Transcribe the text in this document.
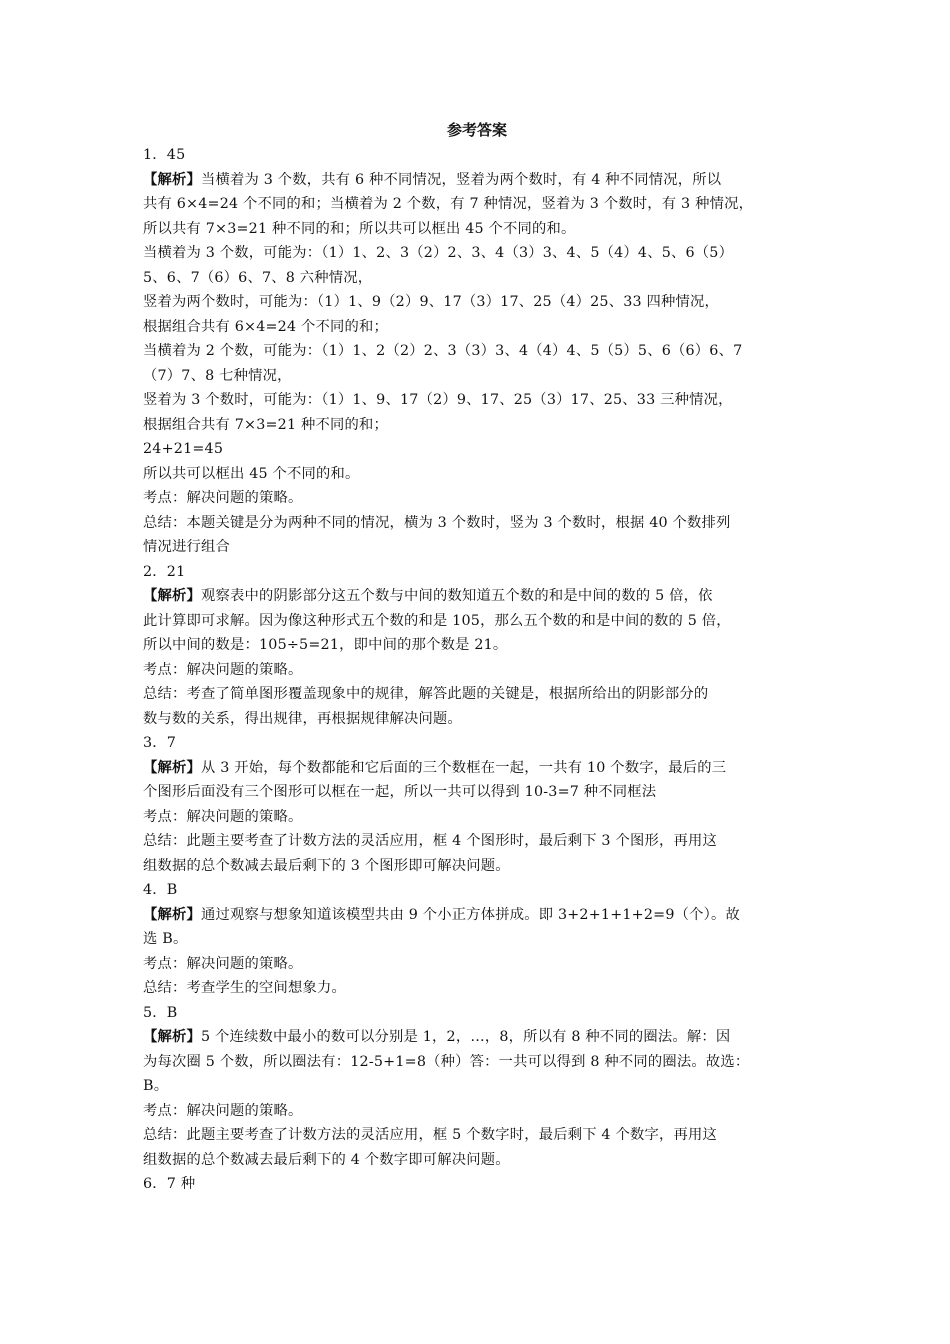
参考答案
1．45
【解析】当横着为 3 个数，共有 6 种不同情况，竖着为两个数时，有 4 种不同情况，所以
共有 6×4=24 个不同的和；当横着为 2 个数，有 7 种情况，竖着为 3 个数时，有 3 种情况，
所以共有 7×3=21 种不同的和；所以共可以框出 45 个不同的和。
当横着为 3 个数，可能为：（1）1、2、3（2）2、3、4（3）3、4、5（4）4、5、6（5）
5、6、7（6）6、7、8 六种情况，
竖着为两个数时，可能为：（1）1、9（2）9、17（3）17、25（4）25、33 四种情况，
根据组合共有 6×4=24 个不同的和；
当横着为 2 个数，可能为：（1）1、2（2）2、3（3）3、4（4）4、5（5）5、6（6）6、7
（7）7、8 七种情况，
竖着为 3 个数时，可能为：（1）1、9、17（2）9、17、25（3）17、25、33 三种情况，
根据组合共有 7×3=21 种不同的和；
24+21=45
所以共可以框出 45 个不同的和。
考点：解决问题的策略。
总结：本题关键是分为两种不同的情况，横为 3 个数时，竖为 3 个数时，根据 40 个数排列
情况进行组合
2．21
【解析】观察表中的阴影部分这五个数与中间的数知道五个数的和是中间的数的 5 倍，依
此计算即可求解。因为像这种形式五个数的和是 105，那么五个数的和是中间的数的 5 倍，
所以中间的数是：105÷5=21，即中间的那个数是 21。
考点：解决问题的策略。
总结：考查了简单图形覆盖现象中的规律，解答此题的关键是，根据所给出的阴影部分的
数与数的关系，得出规律，再根据规律解决问题。
3．7
【解析】从 3 开始，每个数都能和它后面的三个数框在一起，一共有 10 个数字，最后的三
个图形后面没有三个图形可以框在一起，所以一共可以得到 10-3=7 种不同框法
考点：解决问题的策略。
总结：此题主要考查了计数方法的灵活应用，框 4 个图形时，最后剩下 3 个图形，再用这
组数据的总个数减去最后剩下的 3 个图形即可解决问题。
4．B
【解析】通过观察与想象知道该模型共由 9 个小正方体拼成。即 3+2+1+1+2=9（个）。故
选 B。
考点：解决问题的策略。
总结：考查学生的空间想象力。
5．B
【解析】5 个连续数中最小的数可以分别是 1，2，…，8，所以有 8 种不同的圈法。解：因
为每次圈 5 个数，所以圈法有：12-5+1=8（种）答：一共可以得到 8 种不同的圈法。故选：
B。
考点：解决问题的策略。
总结：此题主要考查了计数方法的灵活应用，框 5 个数字时，最后剩下 4 个数字，再用这
组数据的总个数减去最后剩下的 4 个数字即可解决问题。
6．7 种
